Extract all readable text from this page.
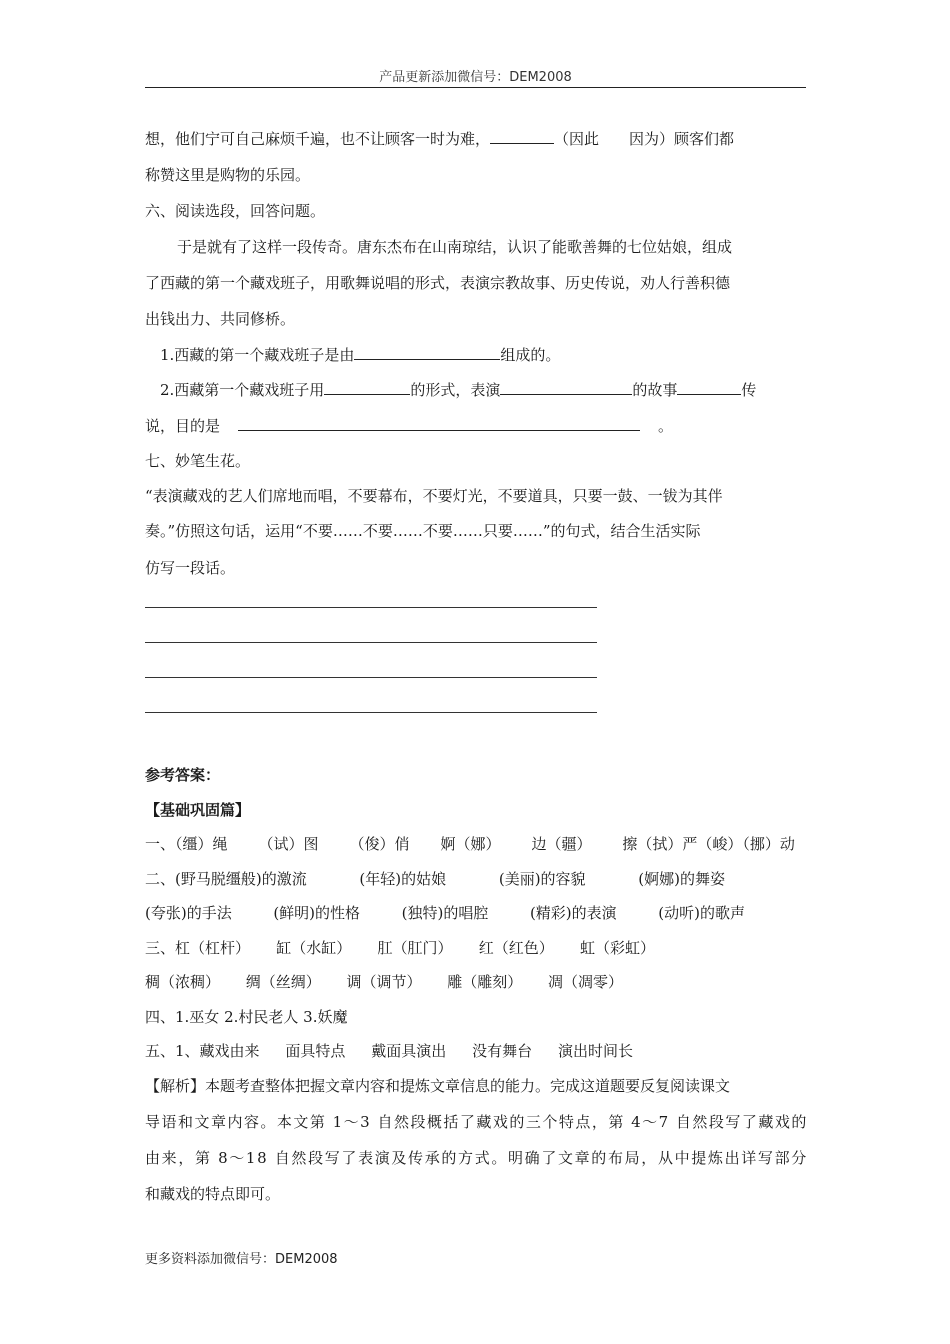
产品更新添加微信号：DEM2008
想，他们宁可自己麻烦千遍，也不让顾客一时为难，	（因此　　因为）顾客们都
称赞这里是购物的乐园。
六、阅读选段，回答问题。
于是就有了这样一段传奇。唐东杰布在山南琼结，认识了能歌善舞的七位姑娘，组成
了西藏的第一个藏戏班子，用歌舞说唱的形式，表演宗教故事、历史传说，劝人行善积德
出钱出力、共同修桥。
1.西藏的第一个藏戏班子是由	组成的。
2.西藏第一个藏戏班子用	的形式，表演	的故事	传
说，目的是	。
七、妙笔生花。
“表演藏戏的艺人们席地而唱，不要幕布，不要灯光，不要道具，只要一鼓、一钹为其伴
奏。”仿照这句话，运用“不要……不要……不要……只要……”的句式，结合生活实际
仿写一段话。
参考答案：
【基础巩固篇】
一、（缰）绳 （试）图 （俊）俏 婀（娜） 边（疆） 擦（拭）严（峻）（挪）动
二、(野马脱缰般)的激流	(年轻)的姑娘	(美丽)的容貌	(婀娜)的舞姿
(夸张)的手法	(鲜明)的性格	(独特)的唱腔	(精彩)的表演	(动听)的歌声
三、杠（杠杆） 缸（水缸） 肛（肛门） 红（红色） 虹（彩虹）
稠（浓稠） 绸（丝绸） 调（调节） 雕（雕刻） 凋（凋零）
四、1.巫女 2.村民老人 3.妖魔
五、1、藏戏由来 面具特点 戴面具演出 没有舞台 演出时间长
【解析】本题考查整体把握文章内容和提炼文章信息的能力。完成这道题要反复阅读课文
导语和文章内容。本文第 1～3 自然段概括了藏戏的三个特点，第 4～7 自然段写了藏戏的
由来，第 8～18 自然段写了表演及传承的方式。明确了文章的布局，从中提炼出详写部分
和藏戏的特点即可。
更多资料添加微信号：DEM2008
